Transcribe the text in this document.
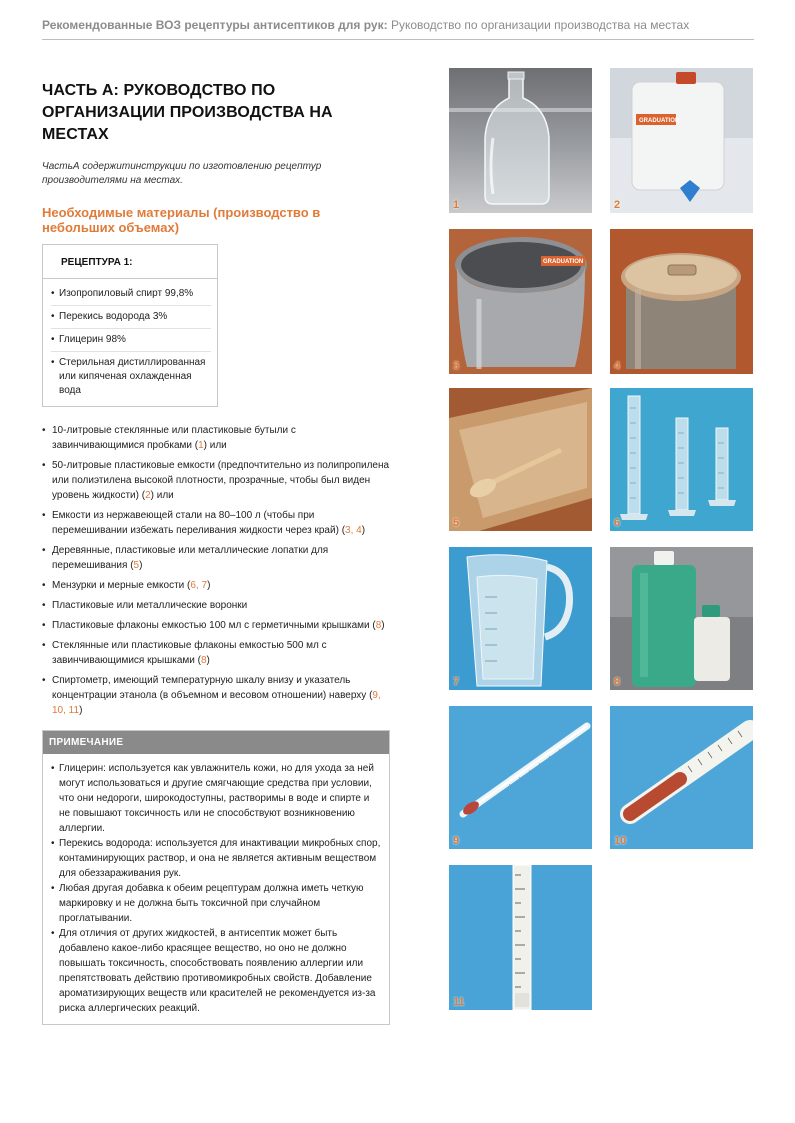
Рекомендованные ВОЗ рецептуры антисептиков для рук: Руководство по организации производства на местах
ЧАСТЬ А: РУКОВОДСТВО ПО ОРГАНИЗАЦИИ ПРОИЗВОДСТВА НА МЕСТАХ

ЧастьА содержитинструкции по изготовлению рецептур производителями на местах.

Необходимые материалы (производство в небольших объемах)
РЕЦЕПТУРА 1:
• Изопропиловый спирт 99,8%
• Перекись водорода 3%
• Глицерин 98%
• Стерильная дистиллированная или кипяченая охлажденная вода
• 10-литровые стеклянные или пластиковые бутыли с завинчивающимися пробками (1) или
• 50-литровые пластиковые емкости (предпочтительно из полипропилена или полиэтилена высокой плотности, прозрачные, чтобы был виден уровень жидкости) (2) или
• Емкости из нержавеющей стали на 80–100 л (чтобы при перемешивании избежать переливания жидкости через край) (3, 4)
• Деревянные, пластиковые или металлические лопатки для перемешивания (5)
• Мензурки и мерные емкости (6, 7)
• Пластиковые или металлические воронки
• Пластиковые флаконы емкостью 100 мл с герметичными крышками (8)
• Стеклянные или пластиковые флаконы емкостью 500 мл с завинчивающимися крышками (8)
• Спиртометр, имеющий температурную шкалу внизу и указатель концентрации этанола (в объемном и весовом отношении) наверху (9, 10, 11)
ПРИМЕЧАНИЕ
• Глицерин: используется как увлажнитель кожи, но для ухода за ней могут использоваться и другие смягчающие средства при условии, что они недороги, широкодоступны, растворимы в воде и спирте и не повышают токсичность или не способствуют возникновению аллергии.
• Перекись водорода: используется для инактивации микробных спор, контаминирующих раствор, и она не является активным веществом для обеззараживания рук.
• Любая другая добавка к обеим рецептурам должна иметь четкую маркировку и не должна быть токсичной при случайном проглатывании.
• Для отличия от других жидкостей, в антисептик может быть добавлено какое-либо красящее вещество, но оно не должно повышать токсичность, способствовать появлению аллергии или препятствовать действию противомикробных свойств. Добавление ароматизирующих веществ или красителей не рекомендуется из-за риска аллергических реакций.
1
GRADUATION
2
GRADUATION
3	4
5	6
7	8
9	10
11
